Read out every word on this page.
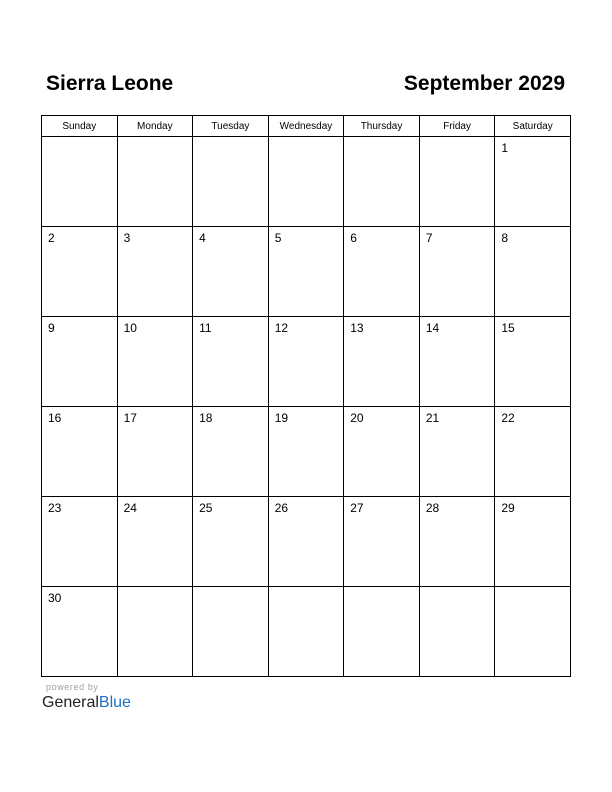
Sierra Leone	September 2029
Sunday	Monday	Tuesday	Wednesday	Thursday	Friday	Saturday

						1

2	3	4	5	6	7	8

9	10	11	12	13	14	15

16	17	18	19	20	21	22

23	24	25	26	27	28	29

30						

powered by
GeneralBlue
